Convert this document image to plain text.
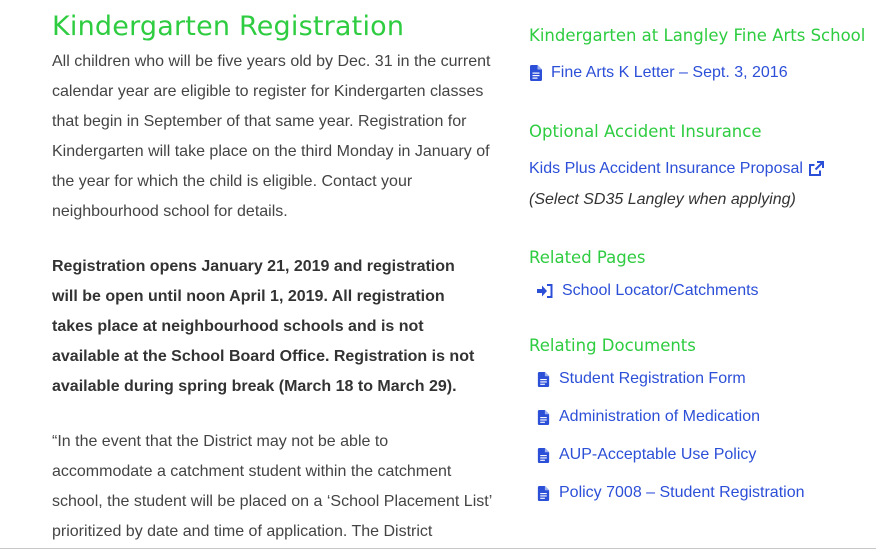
Kindergarten Registration

All children who will be five years old by Dec. 31 in the current calendar year are eligible to register for Kindergarten classes that begin in September of that same year. Registration for Kindergarten will take place on the third Monday in January of the year for which the child is eligible. Contact your neighbourhood school for details.

Registration opens January 21, 2019 and registration will be open until noon April 1, 2019. All registration takes place at neighbourhood schools and is not available at the School Board Office. Registration is not available during spring break (March 18 to March 29).

“In the event that the District may not be able to accommodate a catchment student within the catchment school, the student will be placed on a ‘School Placement List’ prioritized by date and time of application. The District

Kindergarten at Langley Fine Arts School
Fine Arts K Letter – Sept. 3, 2016
Optional Accident Insurance
Kids Plus Accident Insurance Proposal
(Select SD35 Langley when applying)
Related Pages
School Locator/Catchments
Relating Documents
Student Registration Form
Administration of Medication
AUP-Acceptable Use Policy
Policy 7008 – Student Registration
